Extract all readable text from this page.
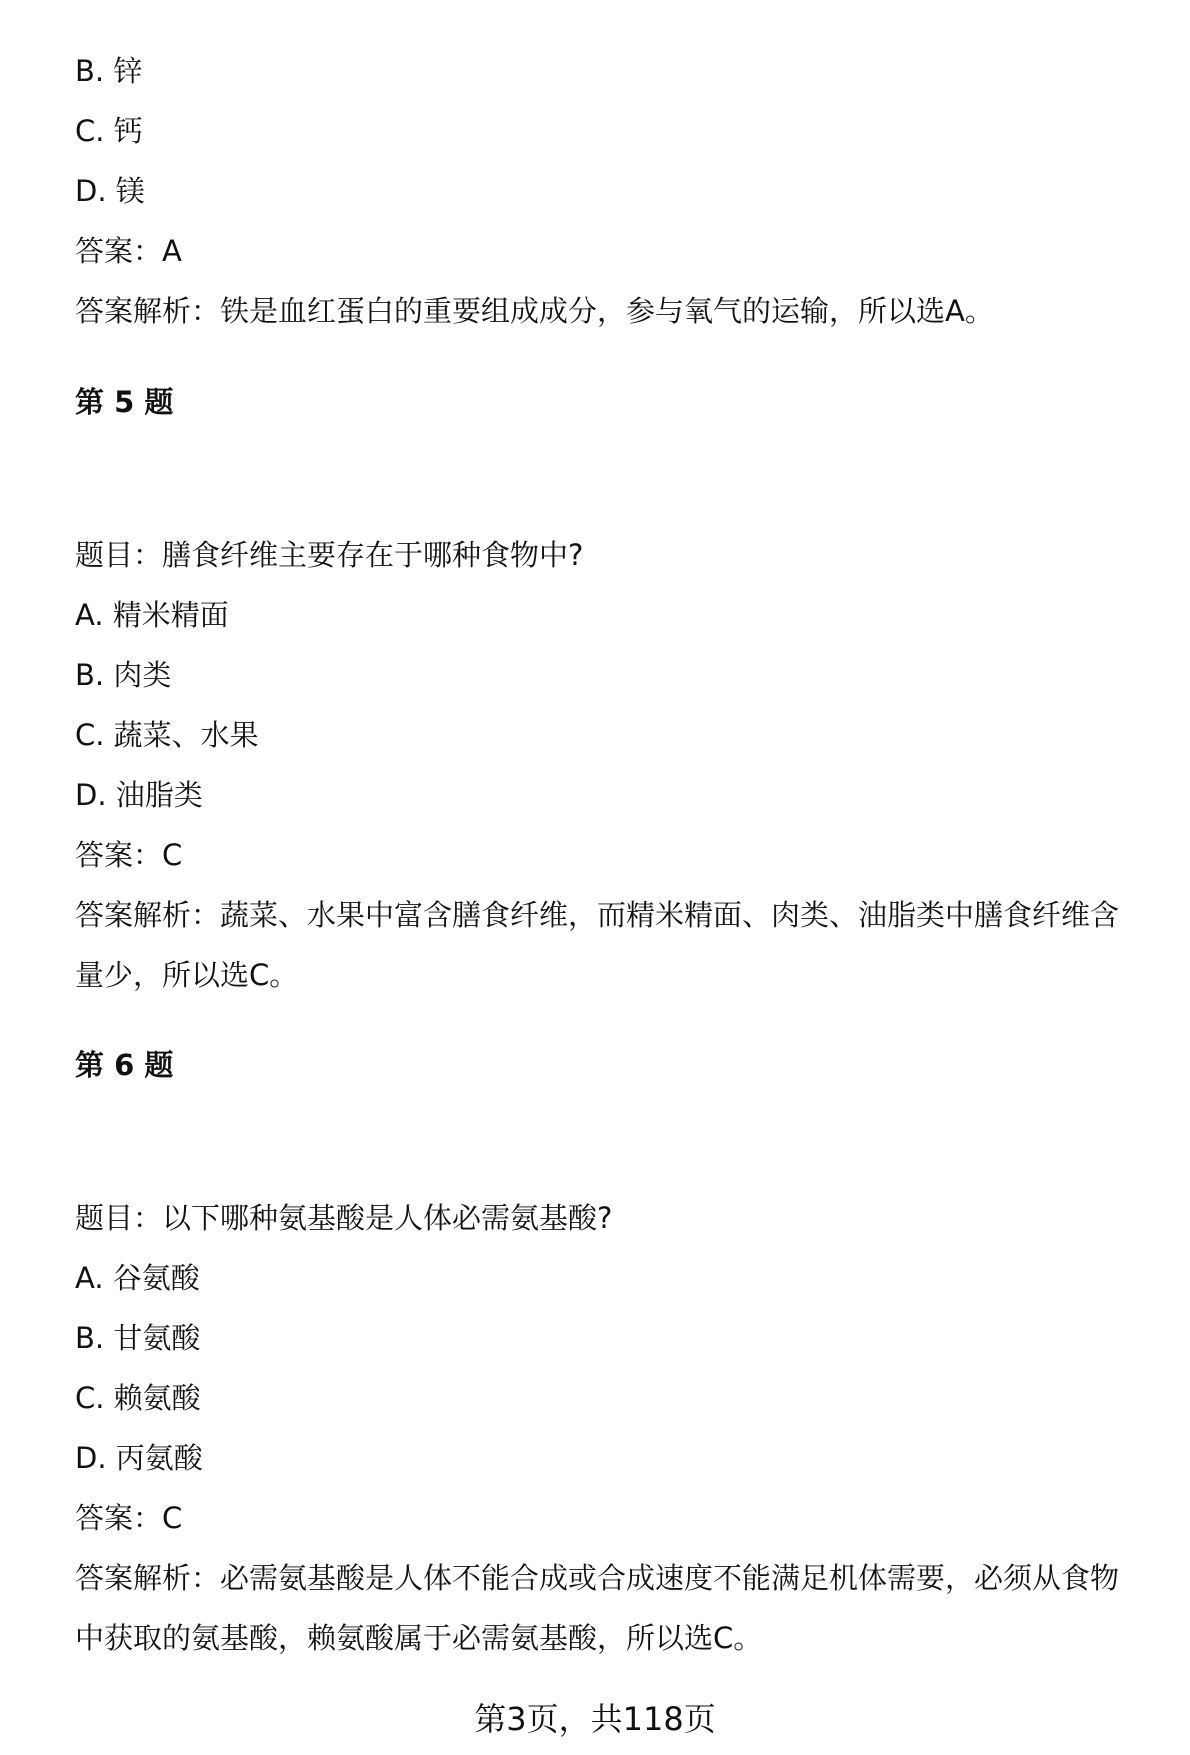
B. 锌
C. 钙
D. 镁
答案：A
答案解析：铁是血红蛋白的重要组成成分，参与氧气的运输，所以选A。
第 5 题
题目：膳食纤维主要存在于哪种食物中?
A. 精米精面
B. 肉类
C. 蔬菜、水果
D. 油脂类
答案：C
答案解析：蔬菜、水果中富含膳食纤维，而精米精面、肉类、油脂类中膳食纤维含
量少，所以选C。
第 6 题
题目：以下哪种氨基酸是人体必需氨基酸?
A. 谷氨酸
B. 甘氨酸
C. 赖氨酸
D. 丙氨酸
答案：C
答案解析：必需氨基酸是人体不能合成或合成速度不能满足机体需要，必须从食物
中获取的氨基酸，赖氨酸属于必需氨基酸，所以选C。
第3页，共118页
